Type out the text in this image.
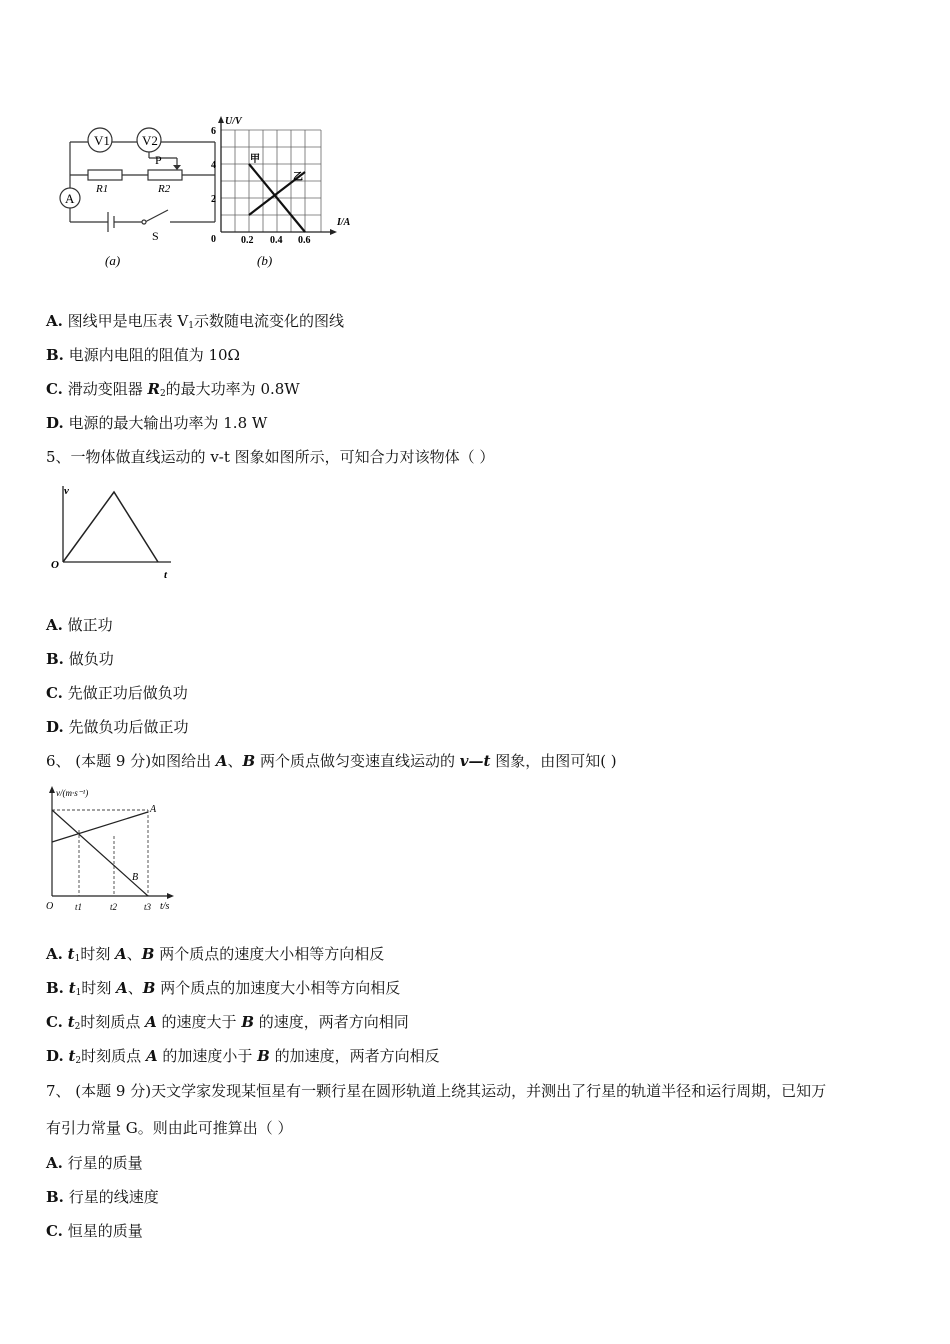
V1 V2
A
R1	R2
P
S
(a)
U/V
I/A
6
4
2
0	0.2 0.4 0.6
甲
乙
(b)
A. 图线甲是电压表 $V_1$示数随电流变化的图线
B. 电源内电阻的阻值为 10Ω
C. 滑动变阻器 $R_2$的最大功率为 0.8W
D. 电源的最大输出功率为 1.8 W
5、一物体做直线运动的 v-t 图象如图所示，可知合力对该物体（ ）
v
t
O
A. 做正功
B. 做负功
C. 先做正功后做负功
D. 先做负功后做正功
6、 (本题 9 分)如图给出 A、B 两个质点做匀变速直线运动的 v—t 图象，由图可知( )
v/(m·s⁻¹)
t/s
O
A
B
t1	t2	t3
A. $t_1$时刻 A、B 两个质点的速度大小相等方向相反
B. $t_1$时刻 A、B 两个质点的加速度大小相等方向相反
C. $t_2$时刻质点 A 的速度大于 B 的速度，两者方向相同
D. $t_2$时刻质点 A 的加速度小于 B 的加速度，两者方向相反
7、 (本题 9 分)天文学家发现某恒星有一颗行星在圆形轨道上绕其运动，并测出了行星的轨道半径和运行周期，已知万
有引力常量 G。则由此可推算出（ ）
A. 行星的质量
B. 行星的线速度
C. 恒星的质量
